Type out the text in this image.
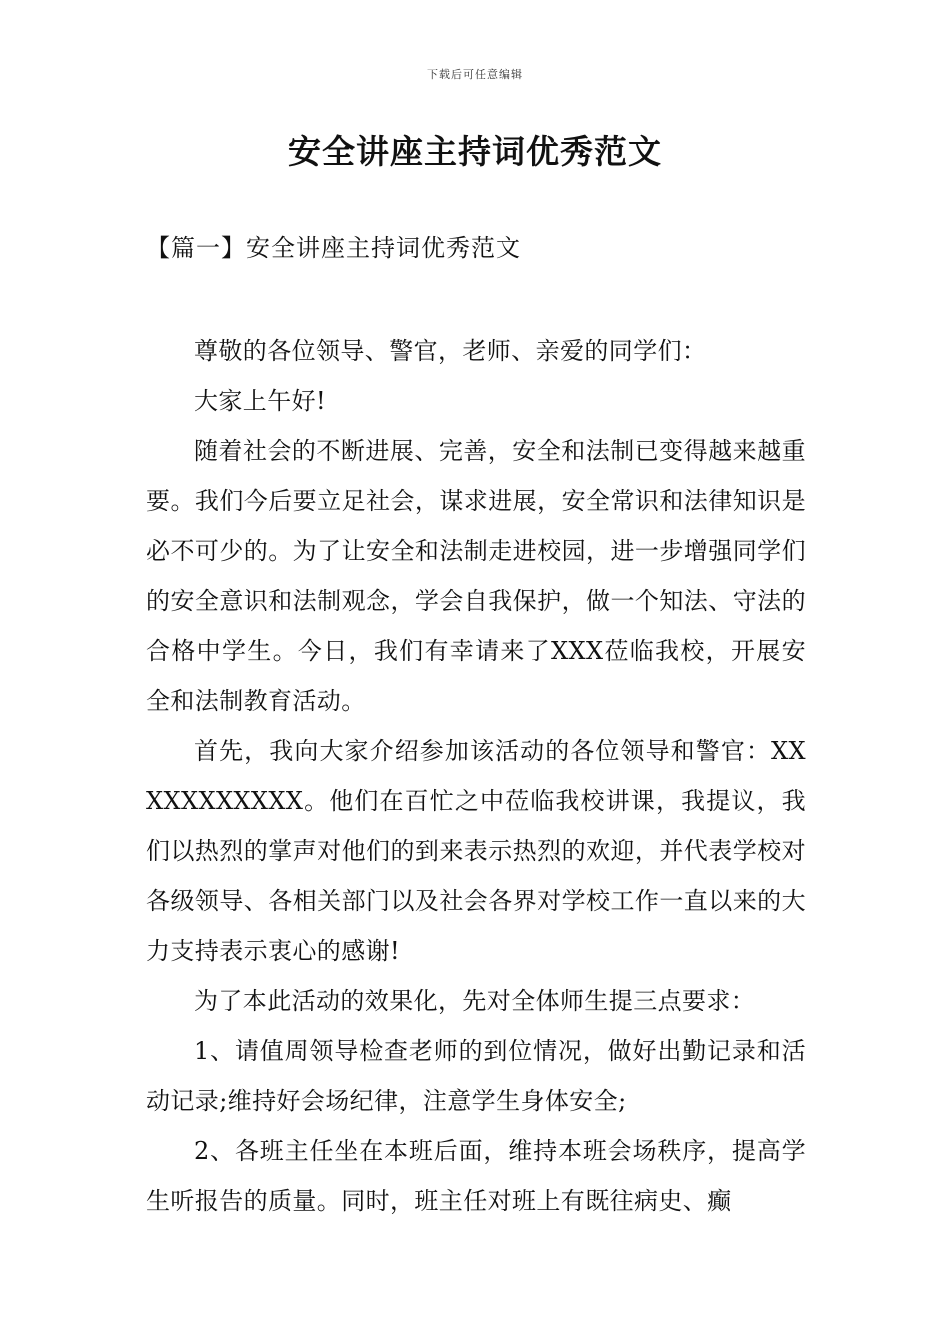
下载后可任意编辑
安全讲座主持词优秀范文
【篇一】安全讲座主持词优秀范文

尊敬的各位领导、警官，老师、亲爱的同学们：

大家上午好!

随着社会的不断进展、完善，安全和法制已变得越来越重要。我们今后要立足社会，谋求进展，安全常识和法律知识是必不可少的。为了让安全和法制走进校园，进一步增强同学们的安全意识和法制观念，学会自我保护，做一个知法、守法的合格中学生。今日，我们有幸请来了XXX莅临我校，开展安全和法制教育活动。

首先，我向大家介绍参加该活动的各位领导和警官：XXXXXXXXXXX。他们在百忙之中莅临我校讲课，我提议，我们以热烈的掌声对他们的到来表示热烈的欢迎，并代表学校对各级领导、各相关部门以及社会各界对学校工作一直以来的大力支持表示衷心的感谢!

为了本此活动的效果化，先对全体师生提三点要求：

1、请值周领导检查老师的到位情况，做好出勤记录和活动记录;维持好会场纪律，注意学生身体安全;

2、各班主任坐在本班后面，维持本班会场秩序，提高学生听报告的质量。同时，班主任对班上有既往病史、癫
